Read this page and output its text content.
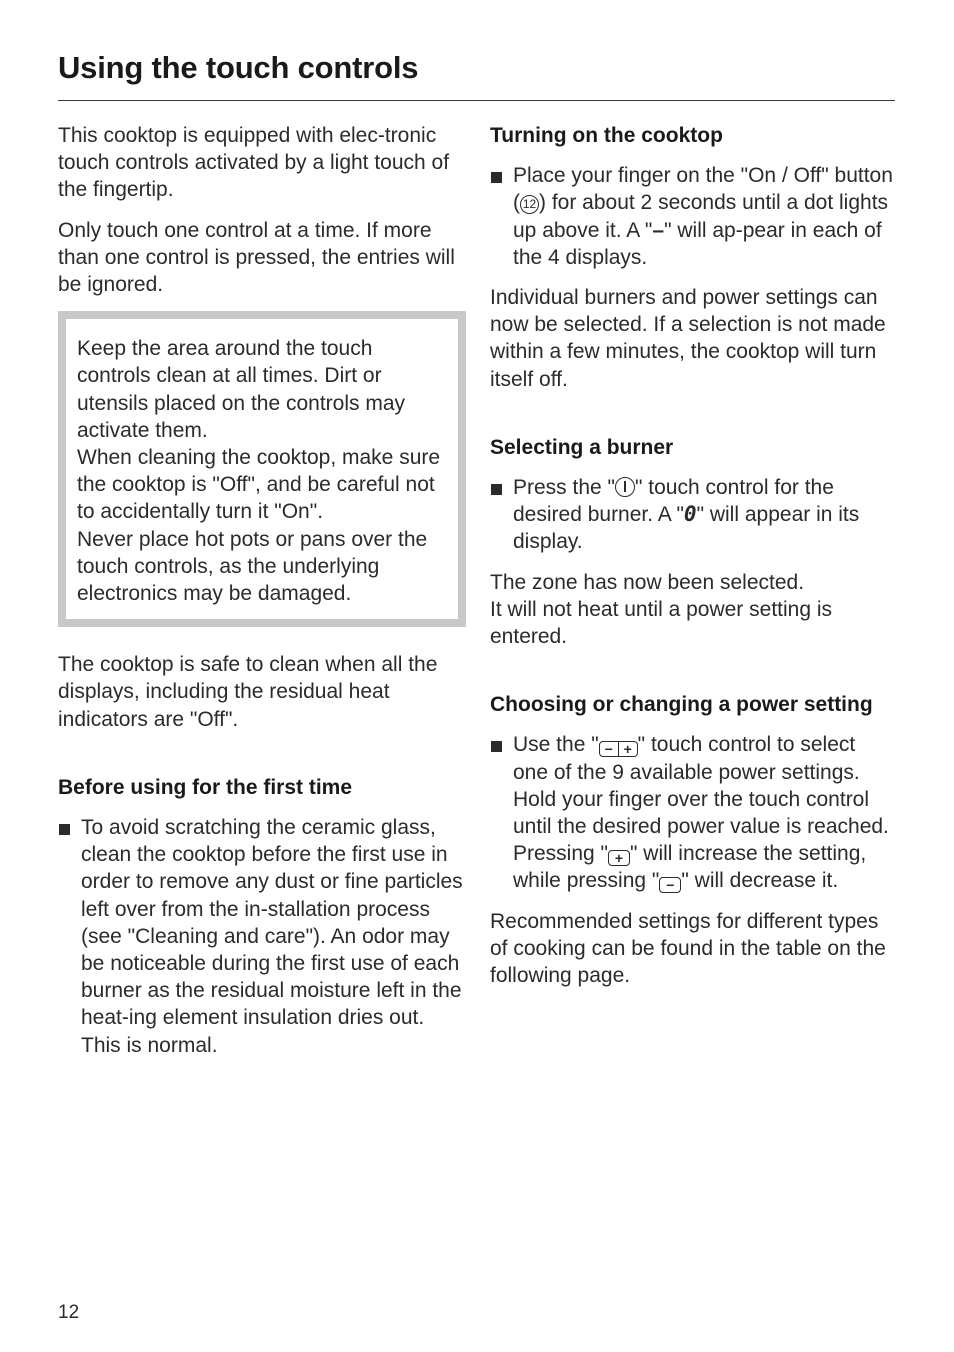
Using the touch controls

This cooktop is equipped with elec-tronic touch controls activated by a light touch of the fingertip.

Only touch one control at a time. If more than one control is pressed, the entries will be ignored.

Keep the area around the touch controls clean at all times. Dirt or utensils placed on the controls may activate them.

When cleaning the cooktop, make sure the cooktop is "Off", and be careful not to accidentally turn it "On".

Never place hot pots or pans over the touch controls, as the underlying electronics may be damaged.

The cooktop is safe to clean when all the displays, including the residual heat indicators are "Off".

Before using for the first time

To avoid scratching the ceramic glass, clean the cooktop before the first use in order to remove any dust or fine particles left over from the in-stallation process (see "Cleaning and care"). An odor may be noticeable during the first use of each burner as the residual moisture left in the heat-ing element insulation dries out. This is normal.

Turning on the cooktop

Place your finger on the "On / Off" button ( 12 ) for about 2 seconds until a dot lights up above it. A "–" will ap-pear in each of the 4 displays.

Individual burners and power settings can now be selected. If a selection is not made within a few minutes, the cooktop will turn itself off.

Selecting a burner

Press the " " touch control for the desired burner. A "0" will appear in its display.

The zone has now been selected.

It will not heat until a power setting is entered.

Choosing or changing a power setting

Use the " − + " touch control to select one of the 9 available power settings. Hold your finger over the touch control until the desired power value is reached. Pressing " + " will increase the setting, while pressing " − " will decrease it.

Recommended settings for different types of cooking can be found in the table on the following page.

12
